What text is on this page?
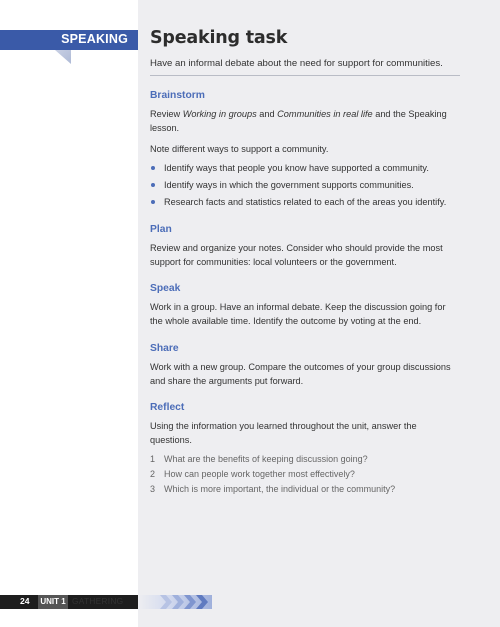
SPEAKING Speaking task
Have an informal debate about the need for support for communities.
Brainstorm

Review Working in groups and Communities in real life and the Speaking lesson.

Note different ways to support a community.

Identify ways that people you know have supported a community.
Identify ways in which the government supports communities.
Research facts and statistics related to each of the areas you identify.
Plan

Review and organize your notes. Consider who should provide the most support for communities: local volunteers or the government.

Speak

Work in a group. Have an informal debate. Keep the discussion going for the whole available time. Identify the outcome by voting at the end.

Share

Work with a new group. Compare the outcomes of your group discussions and share the arguments put forward.

Reflect

Using the information you learned throughout the unit, answer the questions.

1 What are the benefits of keeping discussion going?
2 How can people work together most effectively?
3 Which is more important, the individual or the community?
24 UNIT 1 GATHERING
